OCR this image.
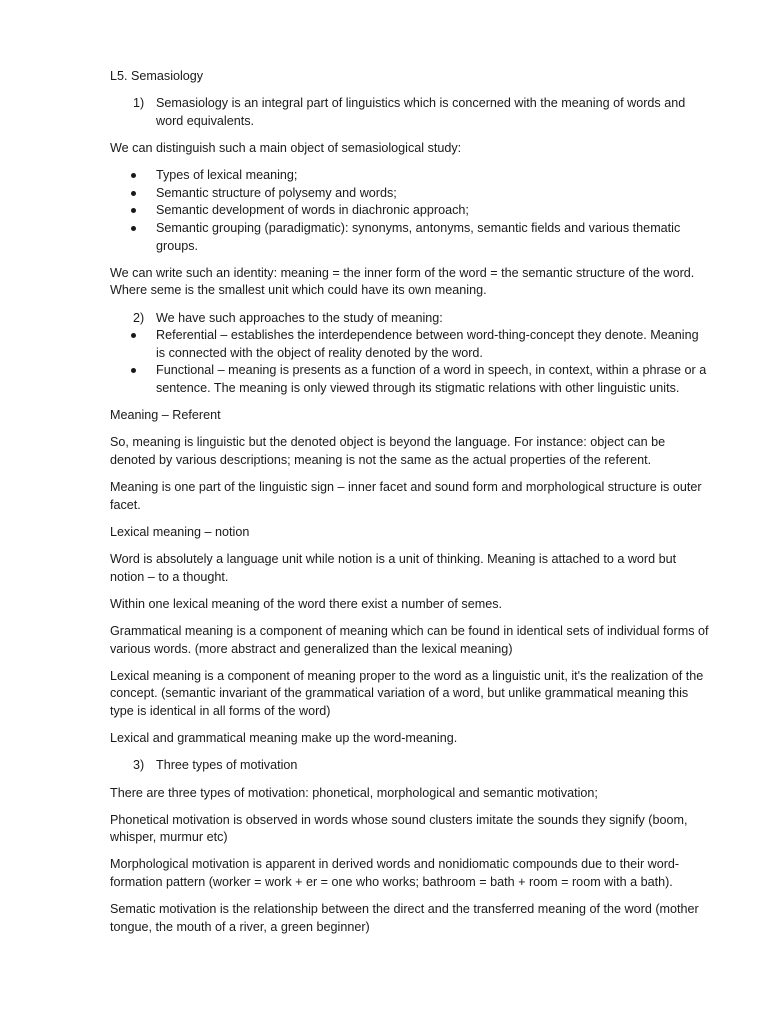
L5. Semasiology

1) Semasiology is an integral part of linguistics which is concerned with the meaning of words and word equivalents.

We can distinguish such a main object of semasiological study:

Types of lexical meaning;
Semantic structure of polysemy and words;
Semantic development of words in diachronic approach;
Semantic grouping (paradigmatic): synonyms, antonyms, semantic fields and various thematic groups.

We can write such an identity: meaning = the inner form of the word = the semantic structure of the word. Where seme is the smallest unit which could have its own meaning.

2) We have such approaches to the study of meaning:
Referential – establishes the interdependence between word-thing-concept they denote. Meaning is connected with the object of reality denoted by the word.
Functional – meaning is presents as a function of a word in speech, in context, within a phrase or a sentence. The meaning is only viewed through its stigmatic relations with other linguistic units.

Meaning – Referent

So, meaning is linguistic but the denoted object is beyond the language. For instance: object can be denoted by various descriptions; meaning is not the same as the actual properties of the referent.

Meaning is one part of the linguistic sign – inner facet and sound form and morphological structure is outer facet.

Lexical meaning – notion

Word is absolutely a language unit while notion is a unit of thinking. Meaning is attached to a word but notion – to a thought.

Within one lexical meaning of the word there exist a number of semes.

Grammatical meaning is a component of meaning which can be found in identical sets of individual forms of various words. (more abstract and generalized than the lexical meaning)

Lexical meaning is a component of meaning proper to the word as a linguistic unit, it's the realization of the concept. (semantic invariant of the grammatical variation of a word, but unlike grammatical meaning this type is identical in all forms of the word)

Lexical and grammatical meaning make up the word-meaning.

3) Three types of motivation

There are three types of motivation: phonetical, morphological and semantic motivation;

Phonetical motivation is observed in words whose sound clusters imitate the sounds they signify (boom, whisper, murmur etc)

Morphological motivation is apparent in derived words and nonidiomatic compounds due to their word-formation pattern (worker = work + er = one who works; bathroom = bath + room = room with a bath).

Sematic motivation is the relationship between the direct and the transferred meaning of the word (mother tongue, the mouth of a river, a green beginner)
